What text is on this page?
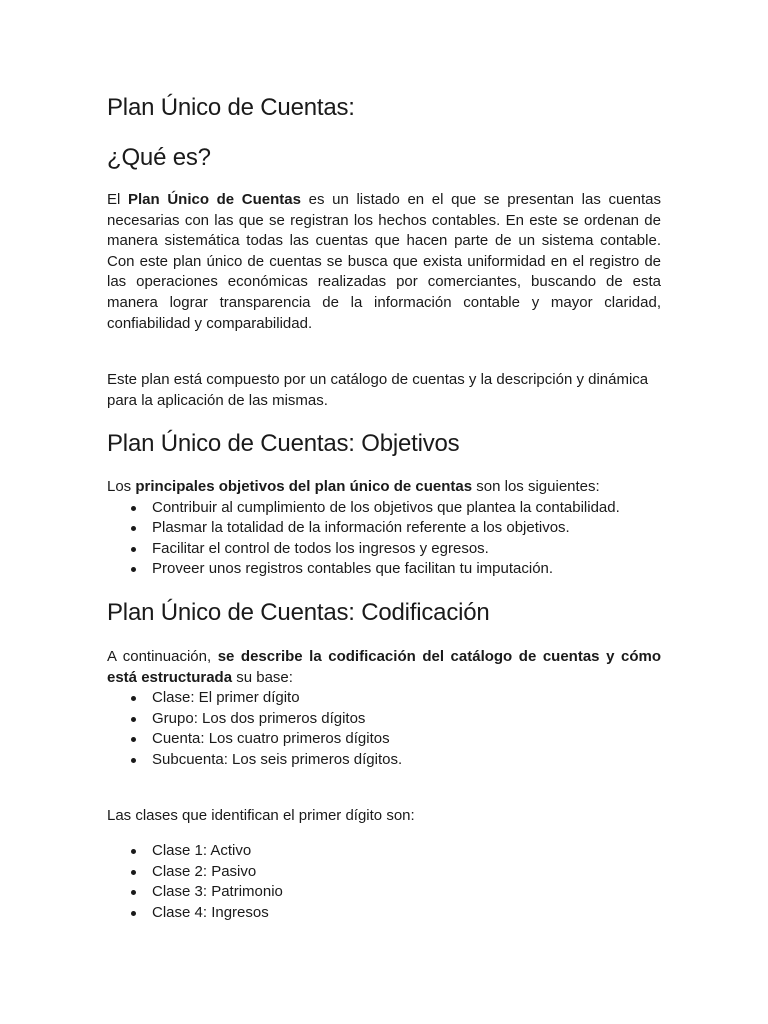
Plan Único de Cuentas:
¿Qué es?

El Plan Único de Cuentas es un listado en el que se presentan las cuentas necesarias con las que se registran los hechos contables. En este se ordenan de manera sistemática todas las cuentas que hacen parte de un sistema contable. Con este plan único de cuentas se busca que exista uniformidad en el registro de las operaciones económicas realizadas por comerciantes, buscando de esta manera lograr transparencia de la información contable y mayor claridad, confiabilidad y comparabilidad.

Este plan está compuesto por un catálogo de cuentas y la descripción y dinámica para la aplicación de las mismas.

Plan Único de Cuentas: Objetivos

Los principales objetivos del plan único de cuentas son los siguientes:

Contribuir al cumplimiento de los objetivos que plantea la contabilidad.
Plasmar la totalidad de la información referente a los objetivos.
Facilitar el control de todos los ingresos y egresos.
Proveer unos registros contables que facilitan tu imputación.
Plan Único de Cuentas: Codificación

A continuación, se describe la codificación del catálogo de cuentas y cómo está estructurada su base:

Clase: El primer dígito
Grupo: Los dos primeros dígitos
Cuenta: Los cuatro primeros dígitos
Subcuenta: Los seis primeros dígitos.

Las clases que identifican el primer dígito son:

Clase 1: Activo
Clase 2: Pasivo
Clase 3: Patrimonio
Clase 4: Ingresos
